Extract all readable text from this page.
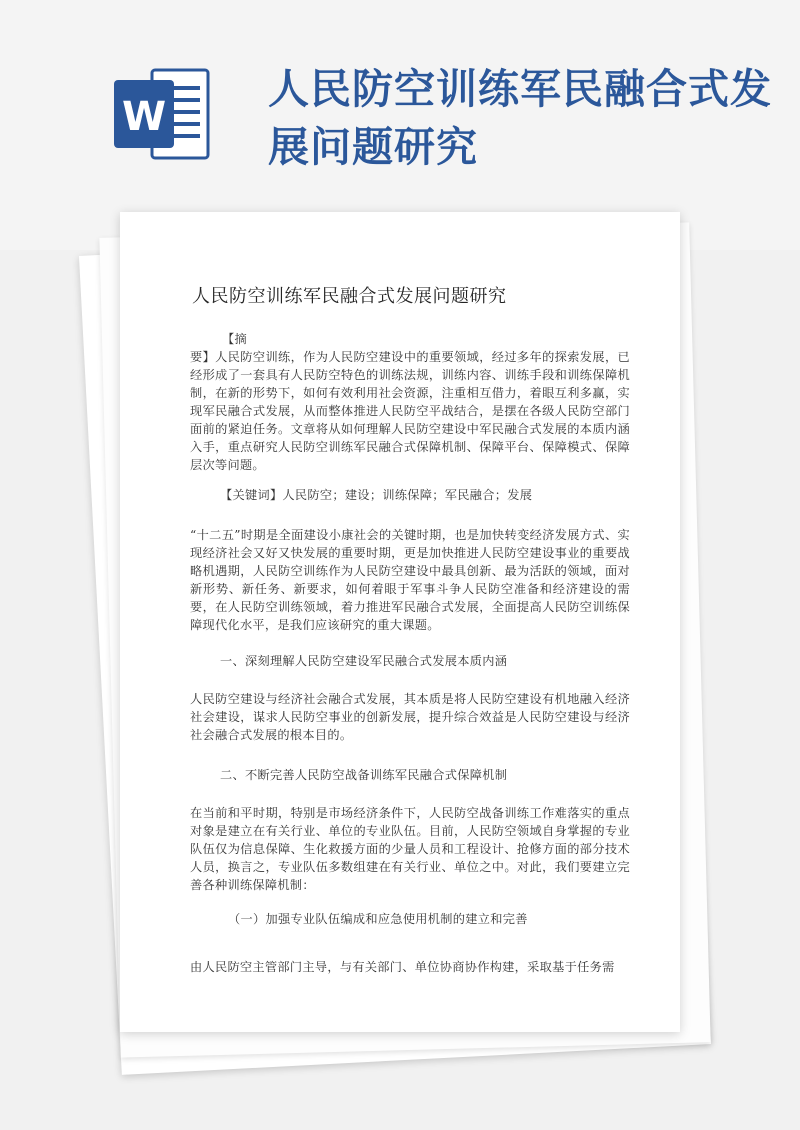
W
人民防空训练军民融合式发展问题研究
人民防空训练军民融合式发展问题研究
【摘
要】人民防空训练，作为人民防空建设中的重要领域，经过多年的探索发展，已经形成了一套具有人民防空特色的训练法规，训练内容、训练手段和训练保障机制，在新的形势下，如何有效利用社会资源，注重相互借力，着眼互利多赢，实现军民融合式发展，从而整体推进人民防空平战结合，是摆在各级人民防空部门面前的紧迫任务。文章将从如何理解人民防空建设中军民融合式发展的本质内涵入手，重点研究人民防空训练军民融合式保障机制、保障平台、保障模式、保障层次等问题。
【关键词】人民防空；建设；训练保障；军民融合；发展
“十二五”时期是全面建设小康社会的关键时期，也是加快转变经济发展方式、实现经济社会又好又快发展的重要时期，更是加快推进人民防空建设事业的重要战略机遇期，人民防空训练作为人民防空建设中最具创新、最为活跃的领域，面对新形势、新任务、新要求，如何着眼于军事斗争人民防空准备和经济建设的需要，在人民防空训练领域，着力推进军民融合式发展，全面提高人民防空训练保障现代化水平，是我们应该研究的重大课题。
一、深刻理解人民防空建设军民融合式发展本质内涵
人民防空建设与经济社会融合式发展，其本质是将人民防空建设有机地融入经济社会建设，谋求人民防空事业的创新发展，提升综合效益是人民防空建设与经济社会融合式发展的根本目的。
二、不断完善人民防空战备训练军民融合式保障机制
在当前和平时期，特别是市场经济条件下，人民防空战备训练工作难落实的重点对象是建立在有关行业、单位的专业队伍。目前，人民防空领域自身掌握的专业队伍仅为信息保障、生化救援方面的少量人员和工程设计、抢修方面的部分技术人员，换言之，专业队伍多数组建在有关行业、单位之中。对此，我们要建立完善各种训练保障机制：
（一）加强专业队伍编成和应急使用机制的建立和完善
由人民防空主管部门主导，与有关部门、单位协商协作构建，采取基于任务需
